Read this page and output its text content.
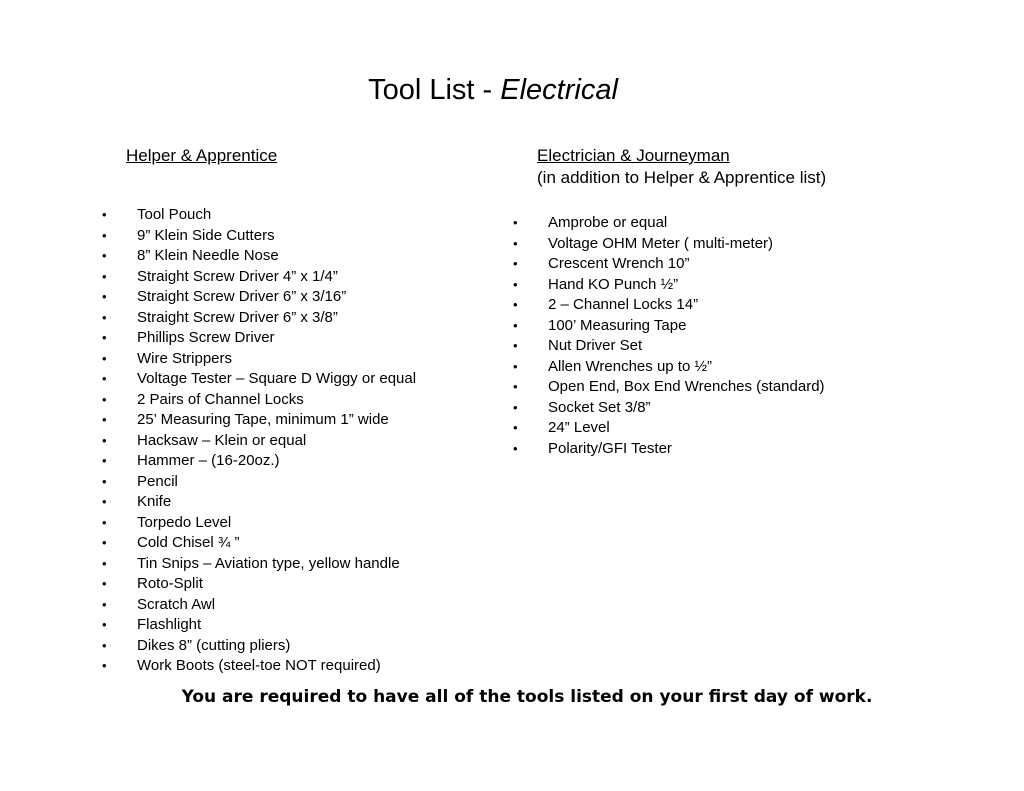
Tool List - Electrical
Helper & Apprentice	Electrician & Journeyman
(in addition to Helper & Apprentice list)
• Tool Pouch
• 9” Klein Side Cutters
• 8” Klein Needle Nose
• Straight Screw Driver 4” x 1/4”
• Straight Screw Driver 6” x 3/16”
• Straight Screw Driver 6” x 3/8”
• Phillips Screw Driver
• Wire Strippers
• Voltage Tester – Square D Wiggy or equal
• 2 Pairs of Channel Locks
• 25’ Measuring Tape, minimum 1” wide
• Hacksaw – Klein or equal
• Hammer – (16-20oz.)
• Pencil
• Knife
• Torpedo Level
• Cold Chisel ¾ ”
• Tin Snips – Aviation type, yellow handle
• Roto-Split
• Scratch Awl
• Flashlight
• Dikes 8” (cutting pliers)
• Work Boots (steel-toe NOT required)
• Amprobe or equal
• Voltage OHM Meter ( multi-meter)
• Crescent Wrench 10”
• Hand KO Punch ½”
• 2 – Channel Locks 14”
• 100’ Measuring Tape
• Nut Driver Set
• Allen Wrenches up to ½”
• Open End, Box End Wrenches (standard)
• Socket Set 3/8”
• 24” Level
• Polarity/GFI Tester
You are required to have all of the tools listed on your first day of work.
